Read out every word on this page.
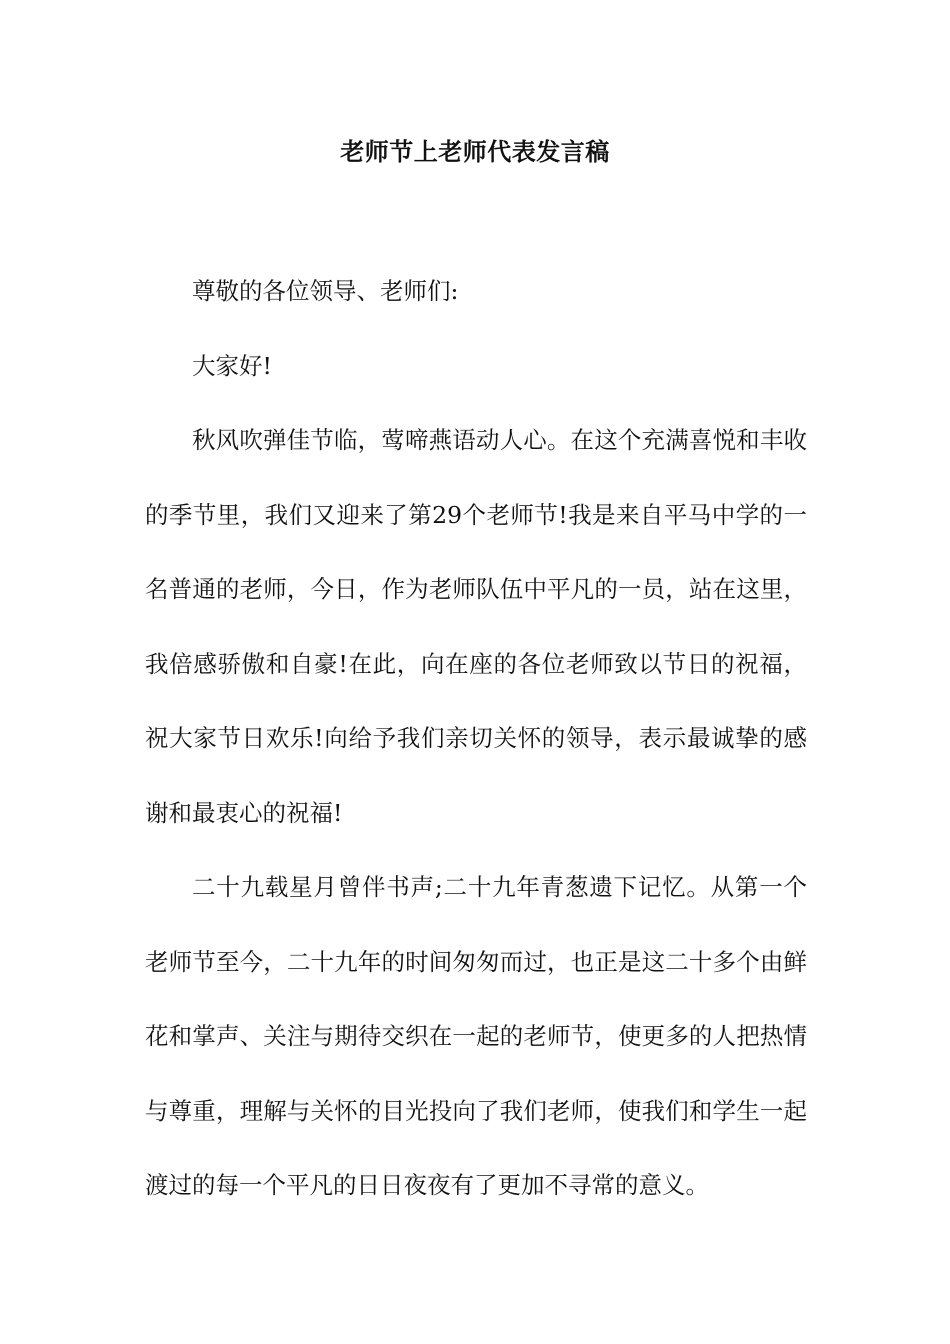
老师节上老师代表发言稿

尊敬的各位领导、老师们:

大家好!

秋风吹弹佳节临，莺啼燕语动人心。在这个充满喜悦和丰收的季节里，我们又迎来了第29个老师节!我是来自平马中学的一名普通的老师，今日，作为老师队伍中平凡的一员，站在这里，我倍感骄傲和自豪!在此，向在座的各位老师致以节日的祝福，祝大家节日欢乐!向给予我们亲切关怀的领导，表示最诚挚的感谢和最衷心的祝福!

二十九载星月曾伴书声;二十九年青葱遗下记忆。从第一个老师节至今，二十九年的时间匆匆而过，也正是这二十多个由鲜花和掌声、关注与期待交织在一起的老师节，使更多的人把热情与尊重，理解与关怀的目光投向了我们老师，使我们和学生一起渡过的每一个平凡的日日夜夜有了更加不寻常的意义。
